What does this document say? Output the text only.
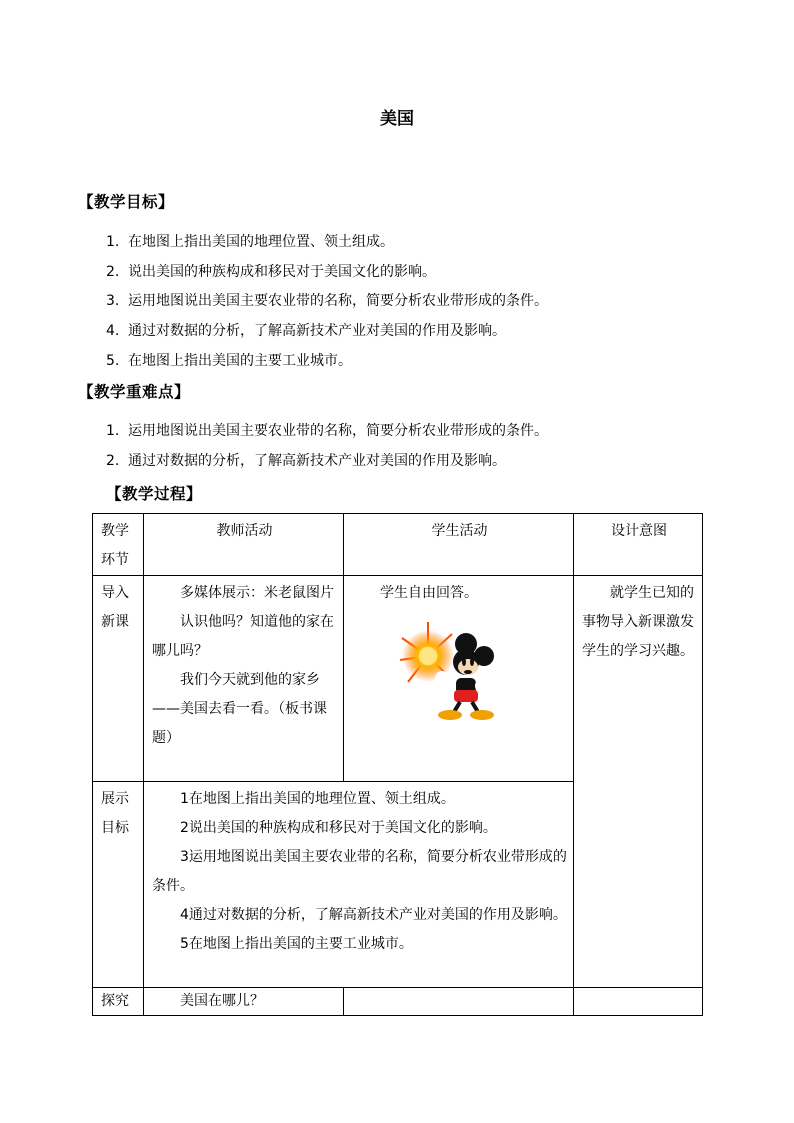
美国
【教学目标】
1. 在地图上指出美国的地理位置、领土组成。
2. 说出美国的种族构成和移民对于美国文化的影响。
3. 运用地图说出美国主要农业带的名称，简要分析农业带形成的条件。
4. 通过对数据的分析，了解高新技术产业对美国的作用及影响。
5. 在地图上指出美国的主要工业城市。
【教学重难点】
1. 运用地图说出美国主要农业带的名称，简要分析农业带形成的条件。
2. 通过对数据的分析，了解高新技术产业对美国的作用及影响。
【教学过程】
教学环节	教师活动	学生活动	设计意图
导入新课	多媒体展示：米老鼠图片
认识他吗？知道他的家在哪儿吗？
我们今天就到他的家乡——美国去看一看。（板书课题）	学生自由回答。	就学生已知的事物导入新课激发学生的学习兴趣。

展示目标	1在地图上指出美国的地理位置、领土组成。
2说出美国的种族构成和移民对于美国文化的影响。
3运用地图说出美国主要农业带的名称，简要分析农业带形成的条件。
4通过对数据的分析，了解高新技术产业对美国的作用及影响。
5在地图上指出美国的主要工业城市。		

探究	美国在哪儿？		
